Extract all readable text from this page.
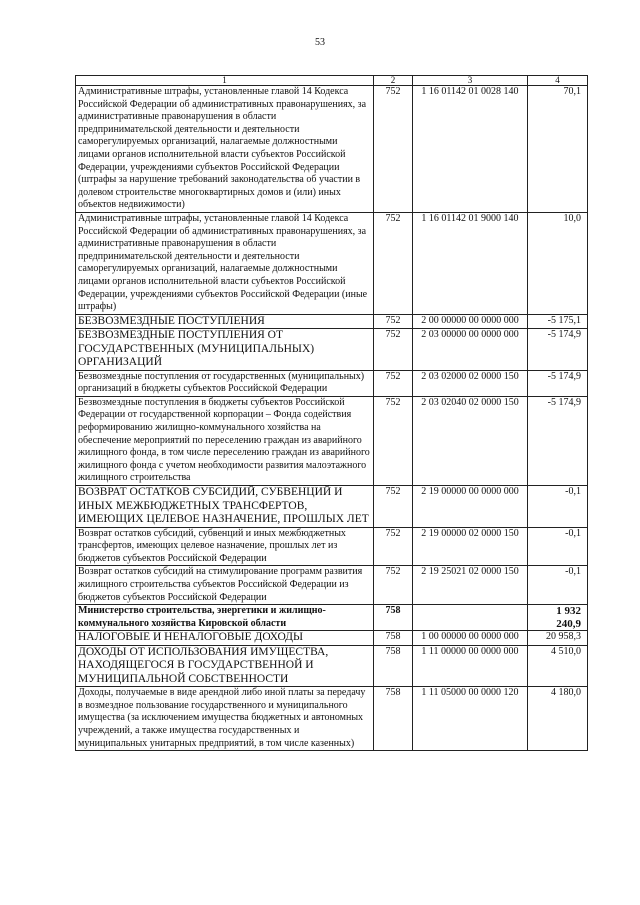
53
1	2	3	4
Административные штрафы, установленные главой 14 Кодекса Российской Федерации об административных правонарушениях, за административные правонарушения в области предпринимательской деятельности и деятельности саморегулируемых организаций, налагаемые должностными лицами органов исполнительной власти субъектов Российской Федерации, учреждениями субъектов Российской Федерации (штрафы за нарушение требований законодательства об участии в долевом строительстве многоквартирных домов и (или) иных объектов недвижимости)	752	1 16 01142 01 0028 140	70,1
Административные штрафы, установленные главой 14 Кодекса Российской Федерации об административных правонарушениях, за административные правонарушения в области предпринимательской деятельности и деятельности саморегулируемых организаций, налагаемые должностными лицами органов исполнительной власти субъектов Российской Федерации, учреждениями субъектов Российской Федерации (иные штрафы)	752	1 16 01142 01 9000 140	10,0
БЕЗВОЗМЕЗДНЫЕ ПОСТУПЛЕНИЯ	752	2 00 00000 00 0000 000	-5 175,1
БЕЗВОЗМЕЗДНЫЕ ПОСТУПЛЕНИЯ ОТ ГОСУДАРСТВЕННЫХ (МУНИЦИПАЛЬНЫХ) ОРГАНИЗАЦИЙ	752	2 03 00000 00 0000 000	-5 174,9
Безвозмездные поступления от государственных (муниципальных) организаций в бюджеты субъектов Российской Федерации	752	2 03 02000 02 0000 150	-5 174,9
Безвозмездные поступления в бюджеты субъектов Российской Федерации от государственной корпорации – Фонда содействия реформированию жилищно-коммунального хозяйства на обеспечение мероприятий по переселению граждан из аварийного жилищного фонда, в том числе переселению граждан из аварийного жилищного фонда с учетом необходимости развития малоэтажного жилищного строительства	752	2 03 02040 02 0000 150	-5 174,9
ВОЗВРАТ ОСТАТКОВ СУБСИДИЙ, СУБВЕНЦИЙ И ИНЫХ МЕЖБЮДЖЕТНЫХ ТРАНСФЕРТОВ, ИМЕЮЩИХ ЦЕЛЕВОЕ НАЗНАЧЕНИЕ, ПРОШЛЫХ ЛЕТ	752	2 19 00000 00 0000 000	-0,1
Возврат остатков субсидий, субвенций и иных межбюджетных трансфертов, имеющих целевое назначение, прошлых лет из бюджетов субъектов Российской Федерации	752	2 19 00000 02 0000 150	-0,1
Возврат остатков субсидий на стимулирование программ развития жилищного строительства субъектов Российской Федерации из бюджетов субъектов Российской Федерации	752	2 19 25021 02 0000 150	-0,1
Министерство строительства, энергетики и жилищно-коммунального хозяйства Кировской области	758		1 932 240,9
НАЛОГОВЫЕ И НЕНАЛОГОВЫЕ ДОХОДЫ	758	1 00 00000 00 0000 000	20 958,3
ДОХОДЫ ОТ ИСПОЛЬЗОВАНИЯ ИМУЩЕСТВА, НАХОДЯЩЕГОСЯ В ГОСУДАРСТВЕННОЙ И МУНИЦИПАЛЬНОЙ СОБСТВЕННОСТИ	758	1 11 00000 00 0000 000	4 510,0
Доходы, получаемые в виде арендной либо иной платы за передачу в возмездное пользование государственного и муниципального имущества (за исключением имущества бюджетных и автономных учреждений, а также имущества государственных и муниципальных унитарных предприятий, в том числе казенных)	758	1 11 05000 00 0000 120	4 180,0
